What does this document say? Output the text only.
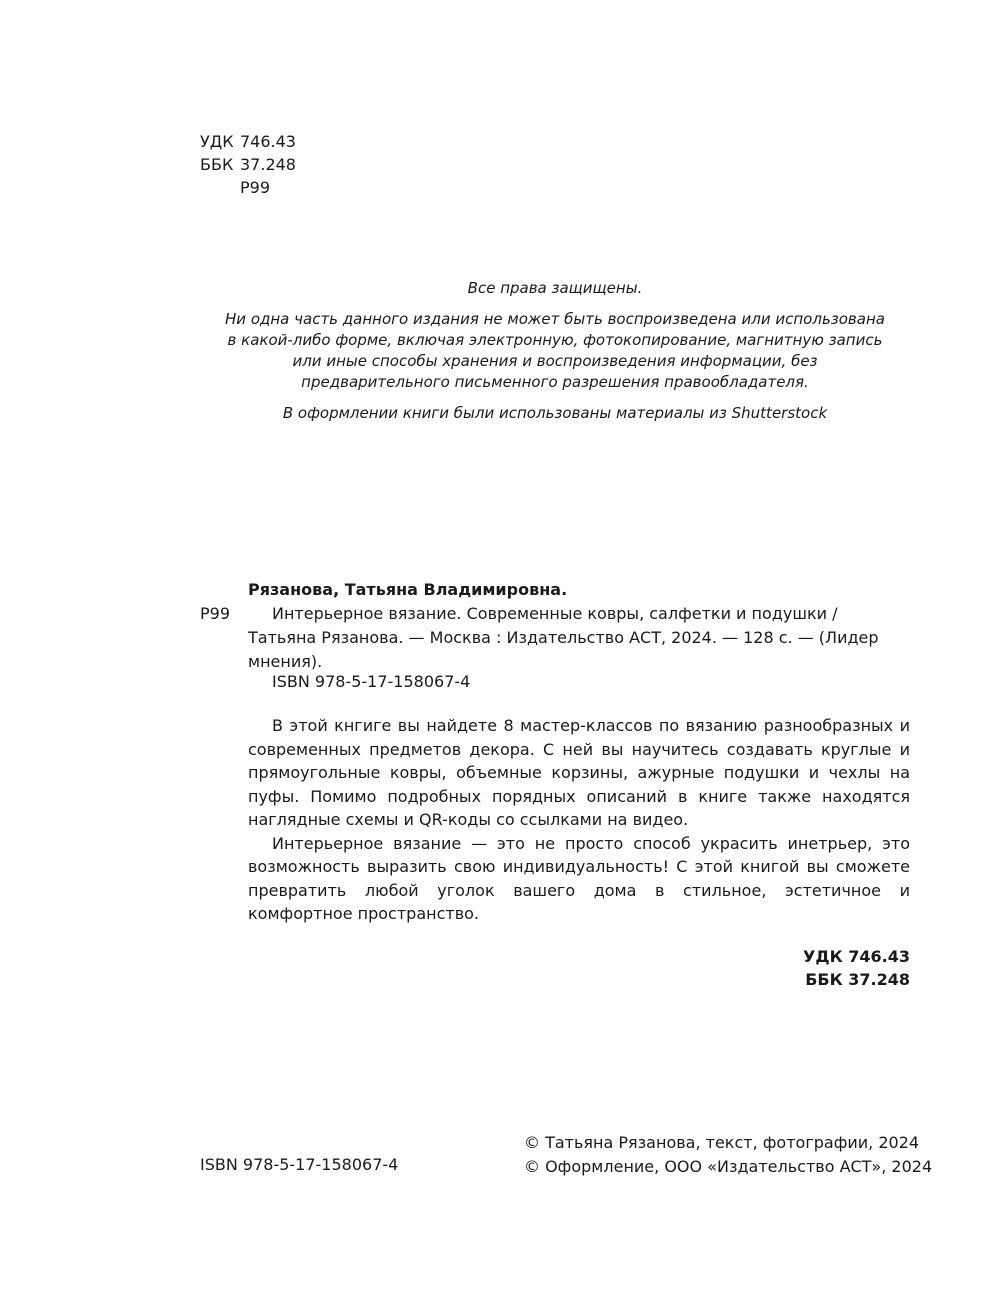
УДК 746.43
ББК 37.248
Р99

Все права защищены.

Ни одна часть данного издания не может быть воспроизведена или использована в какой-либо форме, включая электронную, фотокопирование, магнитную запись или иные способы хранения и воспроизведения информации, без предварительного письменного разрешения правообладателя.

В оформлении книги были использованы материалы из Shutterstock

Рязанова, Татьяна Владимировна.
Р99	Интерьерное вязание. Современные ковры, салфетки и подушки / Татьяна Рязанова. — Москва : Издательство АСТ, 2024. — 128 с. — (Лидер мнения).
ISBN 978-5-17-158067-4

В этой кнгиге вы найдете 8 мастер-классов по вязанию разнообразных и современных предметов декора. С ней вы научитесь создавать круглые и прямоугольные ковры, объемные корзины, ажурные подушки и чехлы на пуфы. Помимо подробных порядных описаний в книге также находятся наглядные схемы и QR-коды со ссылками на видео.

Интерьерное вязание — это не просто способ украсить инетрьер, это возможность выразить свою индивидуальность! С этой книгой вы сможете превратить любой уголок вашего дома в стильное, эстетичное и комфортное пространство.

УДК 746.43
ББК 37.248
ISBN 978-5-17-158067-4
© Татьяна Рязанова, текст, фотографии, 2024
© Оформление, ООО «Издательство АСТ», 2024
